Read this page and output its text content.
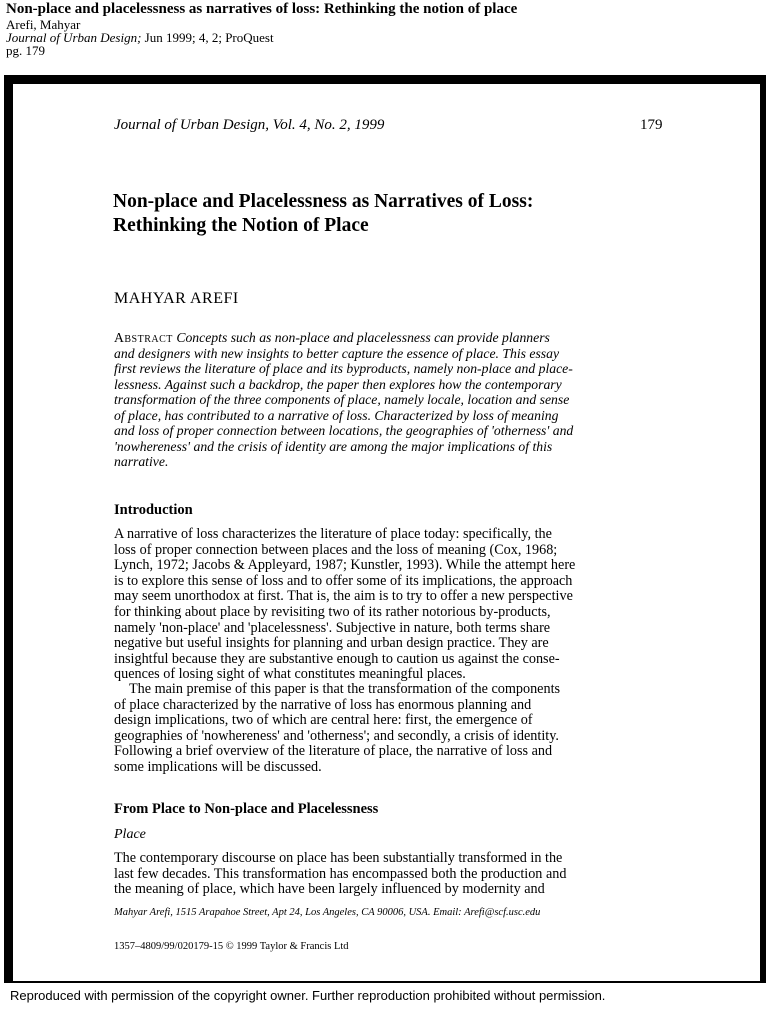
Non-place and placelessness as narratives of loss: Rethinking the notion of place
Arefi, Mahyar
Journal of Urban Design; Jun 1999; 4, 2; ProQuest
pg. 179
Journal of Urban Design, Vol. 4, No. 2, 1999	179
Non-place and Placelessness as Narratives of Loss:
Rethinking the Notion of Place
MAHYAR AREFI
Abstract Concepts such as non-place and placelessness can provide planners
and designers with new insights to better capture the essence of place. This essay
first reviews the literature of place and its byproducts, namely non-place and place-
lessness. Against such a backdrop, the paper then explores how the contemporary
transformation of the three components of place, namely locale, location and sense
of place, has contributed to a narrative of loss. Characterized by loss of meaning
and loss of proper connection between locations, the geographies of 'otherness' and
'nowhereness' and the crisis of identity are among the major implications of this
narrative.
Introduction
A narrative of loss characterizes the literature of place today: specifically, the
loss of proper connection between places and the loss of meaning (Cox, 1968;
Lynch, 1972; Jacobs & Appleyard, 1987; Kunstler, 1993). While the attempt here
is to explore this sense of loss and to offer some of its implications, the approach
may seem unorthodox at first. That is, the aim is to try to offer a new perspective
for thinking about place by revisiting two of its rather notorious by-products,
namely 'non-place' and 'placelessness'. Subjective in nature, both terms share
negative but useful insights for planning and urban design practice. They are
insightful because they are substantive enough to caution us against the conse-
quences of losing sight of what constitutes meaningful places.
The main premise of this paper is that the transformation of the components
of place characterized by the narrative of loss has enormous planning and
design implications, two of which are central here: first, the emergence of
geographies of 'nowhereness' and 'otherness'; and secondly, a crisis of identity.
Following a brief overview of the literature of place, the narrative of loss and
some implications will be discussed.
From Place to Non-place and Placelessness
Place
The contemporary discourse on place has been substantially transformed in the
last few decades. This transformation has encompassed both the production and
the meaning of place, which have been largely influenced by modernity and
Mahyar Arefi, 1515 Arapahoe Street, Apt 24, Los Angeles, CA 90006, USA. Email: Arefi@scf.usc.edu
1357–4809/99/020179-15 © 1999 Taylor & Francis Ltd
Reproduced with permission of the copyright owner. Further reproduction prohibited without permission.
